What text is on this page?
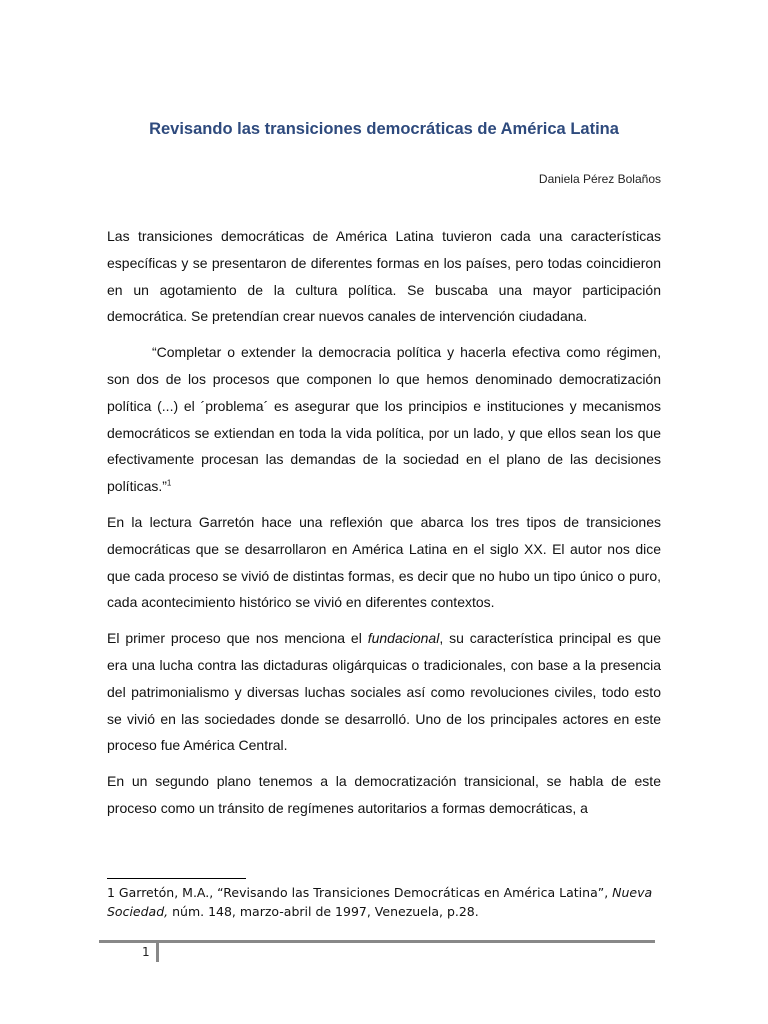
Revisando las transiciones democráticas de América Latina
Daniela Pérez Bolaños

Las transiciones democráticas de América Latina tuvieron cada una características específicas y se presentaron de diferentes formas en los países, pero todas coincidieron en un agotamiento de la cultura política. Se buscaba una mayor participación democrática. Se pretendían crear nuevos canales de intervención ciudadana.

“Completar o extender la democracia política y hacerla efectiva como régimen, son dos de los procesos que componen lo que hemos denominado democratización política (...) el ´problema´ es asegurar que los principios e instituciones y mecanismos democráticos se extiendan en toda la vida política, por un lado, y que ellos sean los que efectivamente procesan las demandas de la sociedad en el plano de las decisiones políticas.”$^1$

En la lectura Garretón hace una reflexión que abarca los tres tipos de transiciones democráticas que se desarrollaron en América Latina en el siglo XX. El autor nos dice que cada proceso se vivió de distintas formas, es decir que no hubo un tipo único o puro, cada acontecimiento histórico se vivió en diferentes contextos.

El primer proceso que nos menciona el fundacional, su característica principal es que era una lucha contra las dictaduras oligárquicas o tradicionales, con base a la presencia del patrimonialismo y diversas luchas sociales así como revoluciones civiles, todo esto se vivió en las sociedades donde se desarrolló. Uno de los principales actores en este proceso fue América Central.

En un segundo plano tenemos a la democratización transicional, se habla de este proceso como un tránsito de regímenes autoritarios a formas democráticas, a

1 Garretón, M.A., “Revisando las Transiciones Democráticas en América Latina”, Nueva Sociedad, núm. 148, marzo-abril de 1997, Venezuela, p.28.
1
